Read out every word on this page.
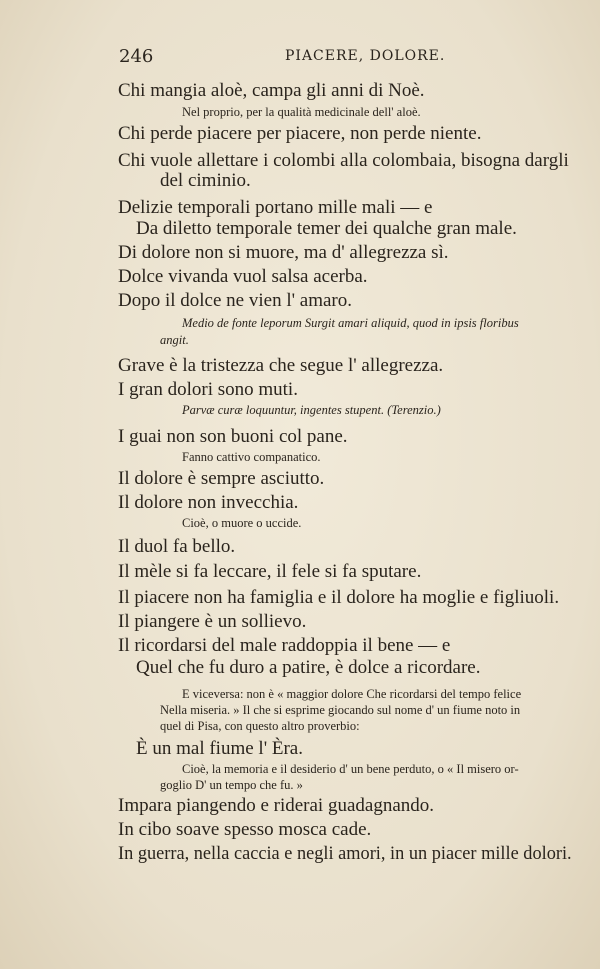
246	PIACERE, DOLORE.
Chi mangia aloè, campa gli anni di Noè.
Nel proprio, per la qualità medicinale dell' aloè.
Chi perde piacere per piacere, non perde niente.
Chi vuole allettare i colombi alla colombaia, bisogna dargli
del ciminio.
Delizie temporali portano mille mali — e
Da diletto temporale temer dei qualche gran male.
Di dolore non si muore, ma d' allegrezza sì.
Dolce vivanda vuol salsa acerba.
Dopo il dolce ne vien l' amaro.
Medio de fonte leporum Surgit amari aliquid, quod in ipsis floribus
angit.
Grave è la tristezza che segue l' allegrezza.
I gran dolori sono muti.
Parvæ curæ loquuntur, ingentes stupent. (Terenzio.)
I guai non son buoni col pane.
Fanno cattivo companatico.
Il dolore è sempre asciutto.
Il dolore non invecchia.
Cioè, o muore o uccide.
Il duol fa bello.
Il mèle si fa leccare, il fele si fa sputare.
Il piacere non ha famiglia e il dolore ha moglie e figliuoli.
Il piangere è un sollievo.
Il ricordarsi del male raddoppia il bene — e
Quel che fu duro a patire, è dolce a ricordare.
E viceversa: non è « maggior dolore Che ricordarsi del tempo felice
Nella miseria. » Il che si esprime giocando sul nome d' un fiume noto in
quel di Pisa, con questo altro proverbio:
È un mal fiume l' Èra.
Cioè, la memoria e il desiderio d' un bene perduto, o « Il misero or-
goglio D' un tempo che fu. »
Impara piangendo e riderai guadagnando.
In cibo soave spesso mosca cade.
In guerra, nella caccia e negli amori, in un piacer mille dolori.
